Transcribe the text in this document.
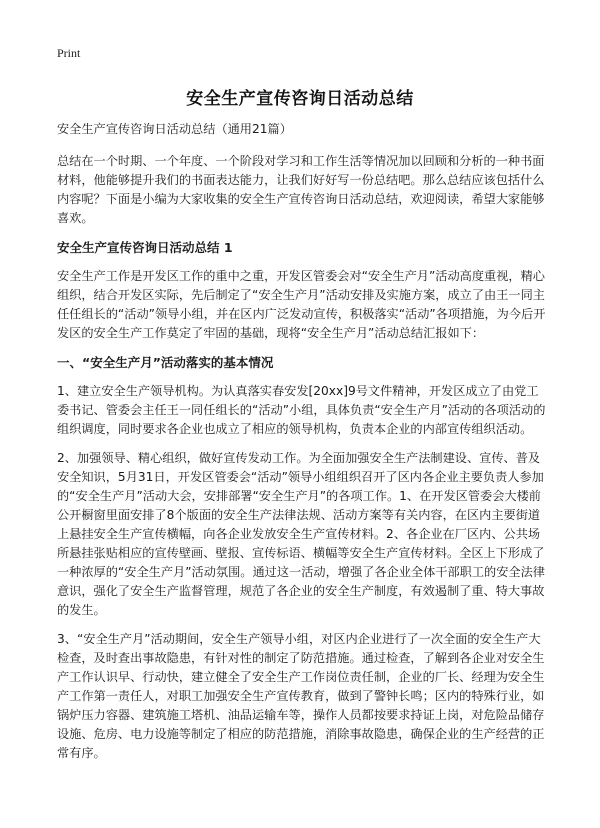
Print
安全生产宣传咨询日活动总结

安全生产宣传咨询日活动总结（通用21篇）

总结在一个时期、一个年度、一个阶段对学习和工作生活等情况加以回顾和分析的一种书面材料，他能够提升我们的书面表达能力，让我们好好写一份总结吧。那么总结应该包括什么内容呢？下面是小编为大家收集的安全生产宣传咨询日活动总结，欢迎阅读，希望大家能够喜欢。

安全生产宣传咨询日活动总结 1

安全生产工作是开发区工作的重中之重，开发区管委会对“安全生产月”活动高度重视，精心组织，结合开发区实际，先后制定了“安全生产月”活动安排及实施方案，成立了由王一同主任任组长的“活动”领导小组，并在区内广泛发动宣传，积极落实“活动”各项措施，为今后开发区的安全生产工作莫定了牢固的基础，现将“安全生产月”活动总结汇报如下：

一、“安全生产月”活动落实的基本情况

1、建立安全生产领导机构。为认真落实春安发[20xx]9号文件精神，开发区成立了由党工委书记、管委会主任王一同任组长的“活动”小组，具体负责“安全生产月”活动的各项活动的组织调度，同时要求各企业也成立了相应的领导机构，负责本企业的内部宣传组织活动。

2、加强领导、精心组织，做好宣传发动工作。为全面加强安全生产法制建设、宣传、普及安全知识，5月31日，开发区管委会“活动”领导小组组织召开了区内各企业主要负责人参加的“安全生产月”活动大会，安排部署“安全生产月”的各项工作。1、在开发区管委会大楼前公开橱窗里面安排了8个版面的安全生产法律法规、活动方案等有关内容，在区内主要街道上悬挂安全生产宣传横幅，向各企业发放安全生产宣传材料。2、各企业在厂区内、公共场所悬挂张贴相应的宣传壁画、壁报、宣传标语、横幅等安全生产宣传材料。全区上下形成了一种浓厚的“安全生产月”活动氛围。通过这一活动，增强了各企业全体干部职工的安全法律意识，强化了安全生产监督管理，规范了各企业的安全生产制度，有效遏制了重、特大事故的发生。

3、“安全生产月”活动期间，安全生产领导小组，对区内企业进行了一次全面的安全生产大检查，及时查出事故隐患，有针对性的制定了防范措施。通过检查，了解到各企业对安全生产工作认识早、行动快，建立健全了安全生产工作岗位责任制，企业的厂长、经理为安全生产工作第一责任人，对职工加强安全生产宣传教育，做到了警钟长鸣；区内的特殊行业，如锅炉压力容器、建筑施工塔机、油品运输车等，操作人员都按要求持证上岗，对危险品储存设施、危房、电力设施等制定了相应的防范措施，消除事故隐患，确保企业的生产经营的正常有序。
